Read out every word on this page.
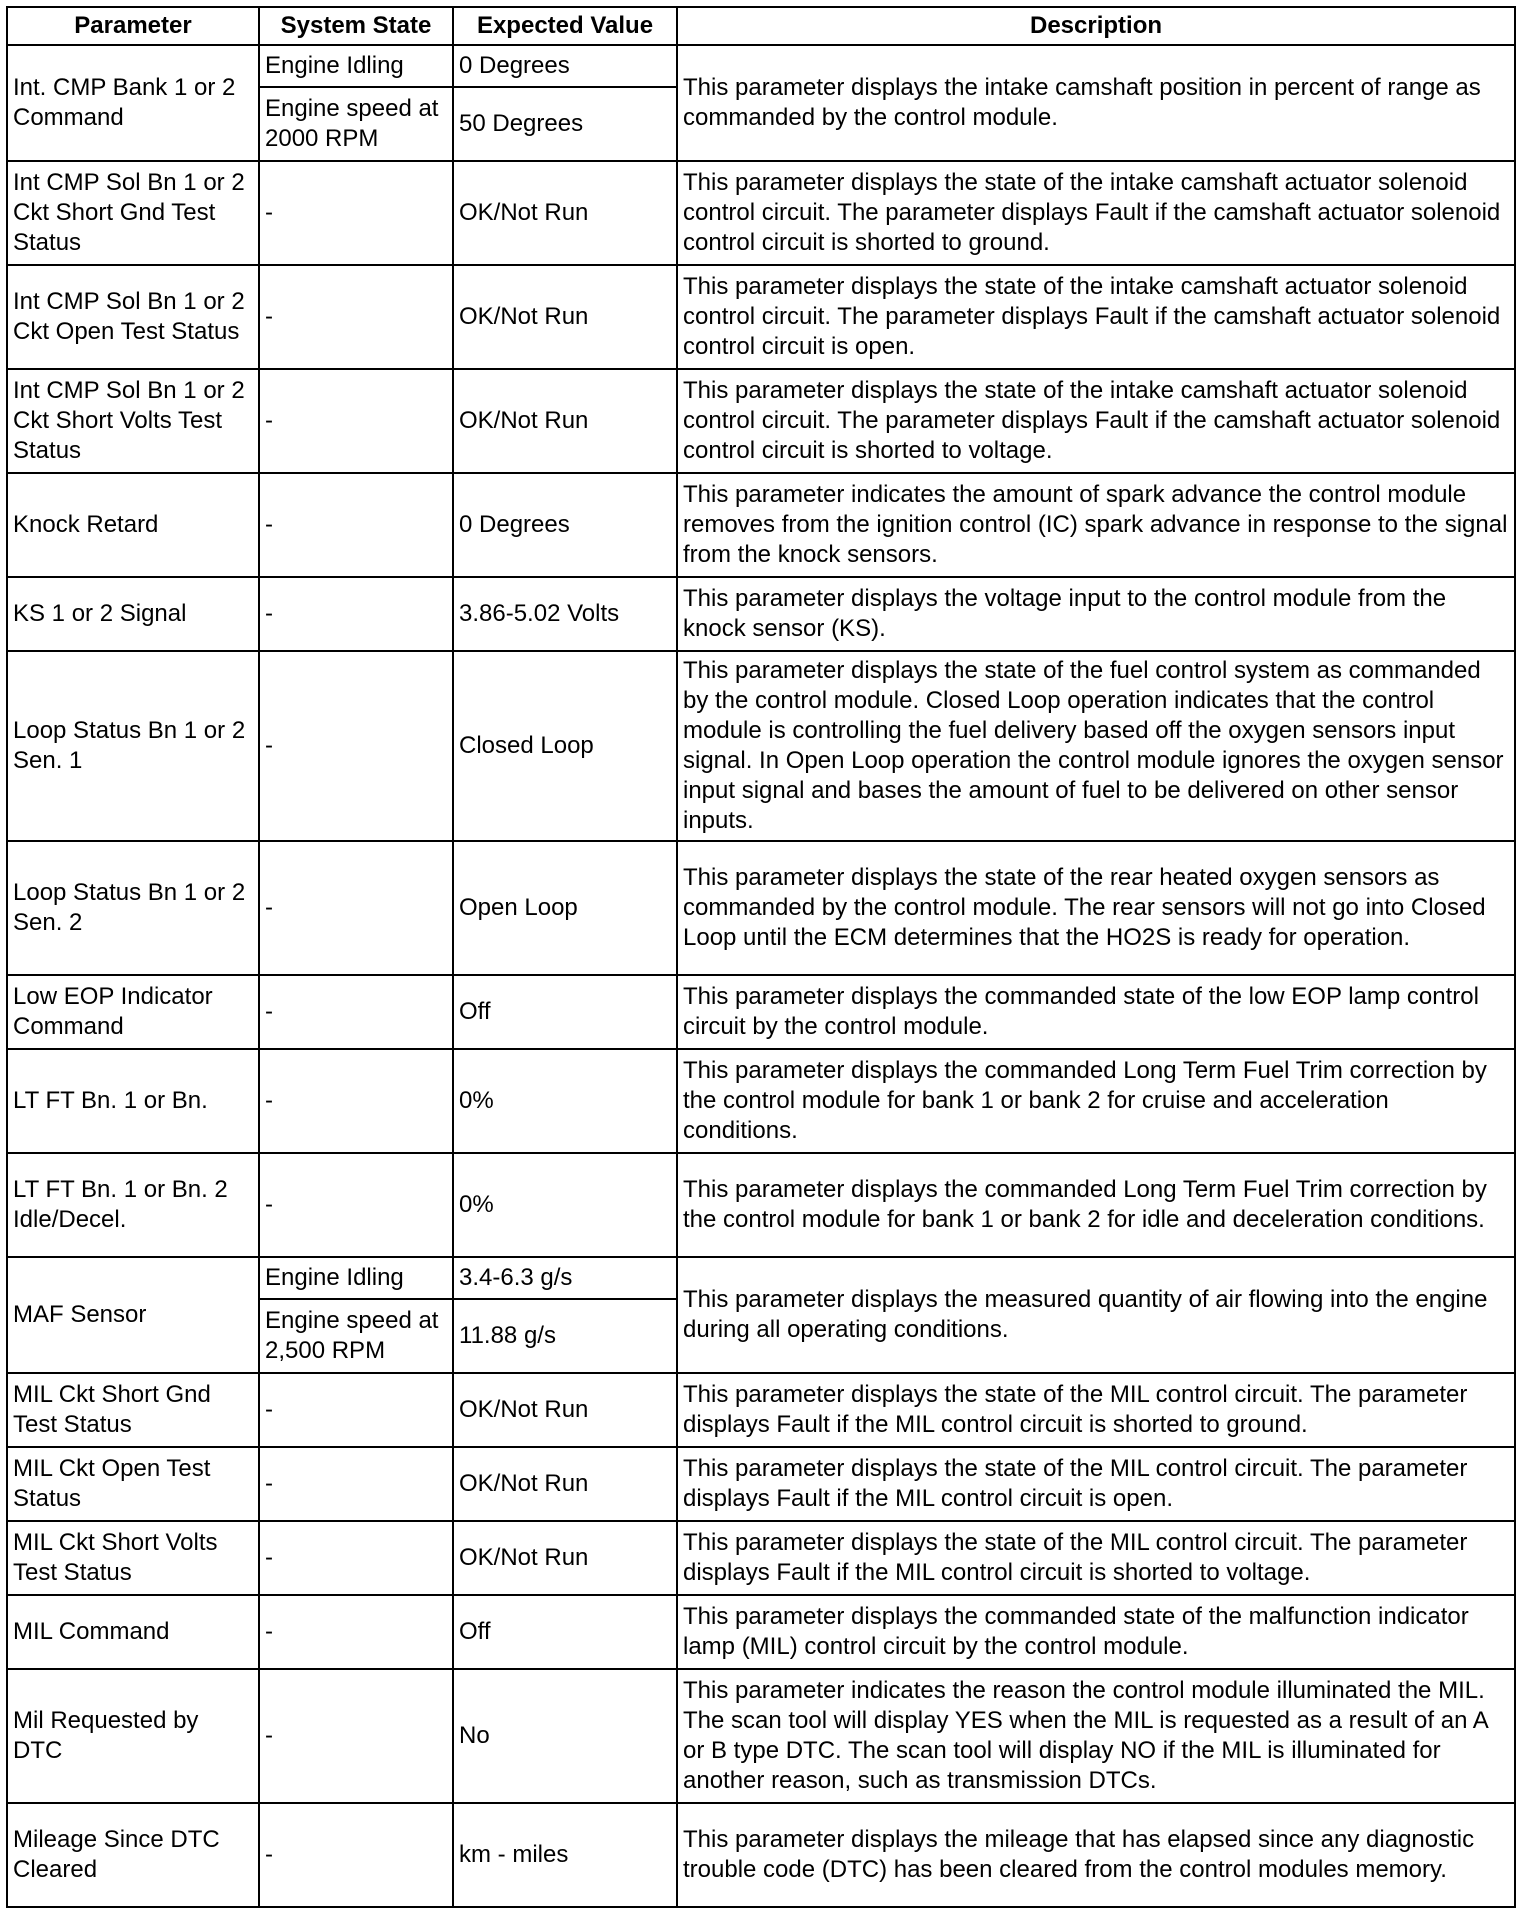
Parameter	System State	Expected Value	Description
Int. CMP Bank 1 or 2 Command	Engine Idling	0 Degrees	This parameter displays the intake camshaft position in percent of range as commanded by the control module.
	Engine speed at 2000 RPM	50 Degrees	
Int CMP Sol Bn 1 or 2 Ckt Short Gnd Test Status	-	OK/Not Run	This parameter displays the state of the intake camshaft actuator solenoid control circuit. The parameter displays Fault if the camshaft actuator solenoid control circuit is shorted to ground.
Int CMP Sol Bn 1 or 2 Ckt Open Test Status	-	OK/Not Run	This parameter displays the state of the intake camshaft actuator solenoid control circuit. The parameter displays Fault if the camshaft actuator solenoid control circuit is open.
Int CMP Sol Bn 1 or 2 Ckt Short Volts Test Status	-	OK/Not Run	This parameter displays the state of the intake camshaft actuator solenoid control circuit. The parameter displays Fault if the camshaft actuator solenoid control circuit is shorted to voltage.
Knock Retard	-	0 Degrees	This parameter indicates the amount of spark advance the control module removes from the ignition control (IC) spark advance in response to the signal from the knock sensors.
KS 1 or 2 Signal	-	3.86-5.02 Volts	This parameter displays the voltage input to the control module from the knock sensor (KS).
Loop Status Bn 1 or 2 Sen. 1	-	Closed Loop	This parameter displays the state of the fuel control system as commanded by the control module. Closed Loop operation indicates that the control module is controlling the fuel delivery based off the oxygen sensors input signal. In Open Loop operation the control module ignores the oxygen sensor input signal and bases the amount of fuel to be delivered on other sensor inputs.
Loop Status Bn 1 or 2 Sen. 2	-	Open Loop	This parameter displays the state of the rear heated oxygen sensors as commanded by the control module. The rear sensors will not go into Closed Loop until the ECM determines that the HO2S is ready for operation.
Low EOP Indicator Command	-	Off	This parameter displays the commanded state of the low EOP lamp control circuit by the control module.
LT FT Bn. 1 or Bn.	-	0%	This parameter displays the commanded Long Term Fuel Trim correction by the control module for bank 1 or bank 2 for cruise and acceleration conditions.
LT FT Bn. 1 or Bn. 2 Idle/Decel.	-	0%	This parameter displays the commanded Long Term Fuel Trim correction by the control module for bank 1 or bank 2 for idle and deceleration conditions.
MAF Sensor	Engine Idling	3.4-6.3 g/s	This parameter displays the measured quantity of air flowing into the engine during all operating conditions.
	Engine speed at 2,500 RPM	11.88 g/s	
MIL Ckt Short Gnd Test Status	-	OK/Not Run	This parameter displays the state of the MIL control circuit. The parameter displays Fault if the MIL control circuit is shorted to ground.
MIL Ckt Open Test Status	-	OK/Not Run	This parameter displays the state of the MIL control circuit. The parameter displays Fault if the MIL control circuit is open.
MIL Ckt Short Volts Test Status	-	OK/Not Run	This parameter displays the state of the MIL control circuit. The parameter displays Fault if the MIL control circuit is shorted to voltage.
MIL Command	-	Off	This parameter displays the commanded state of the malfunction indicator lamp (MIL) control circuit by the control module.
Mil Requested by DTC	-	No	This parameter indicates the reason the control module illuminated the MIL. The scan tool will display YES when the MIL is requested as a result of an A or B type DTC. The scan tool will display NO if the MIL is illuminated for another reason, such as transmission DTCs.
Mileage Since DTC Cleared	-	km - miles	This parameter displays the mileage that has elapsed since any diagnostic trouble code (DTC) has been cleared from the control modules memory.
